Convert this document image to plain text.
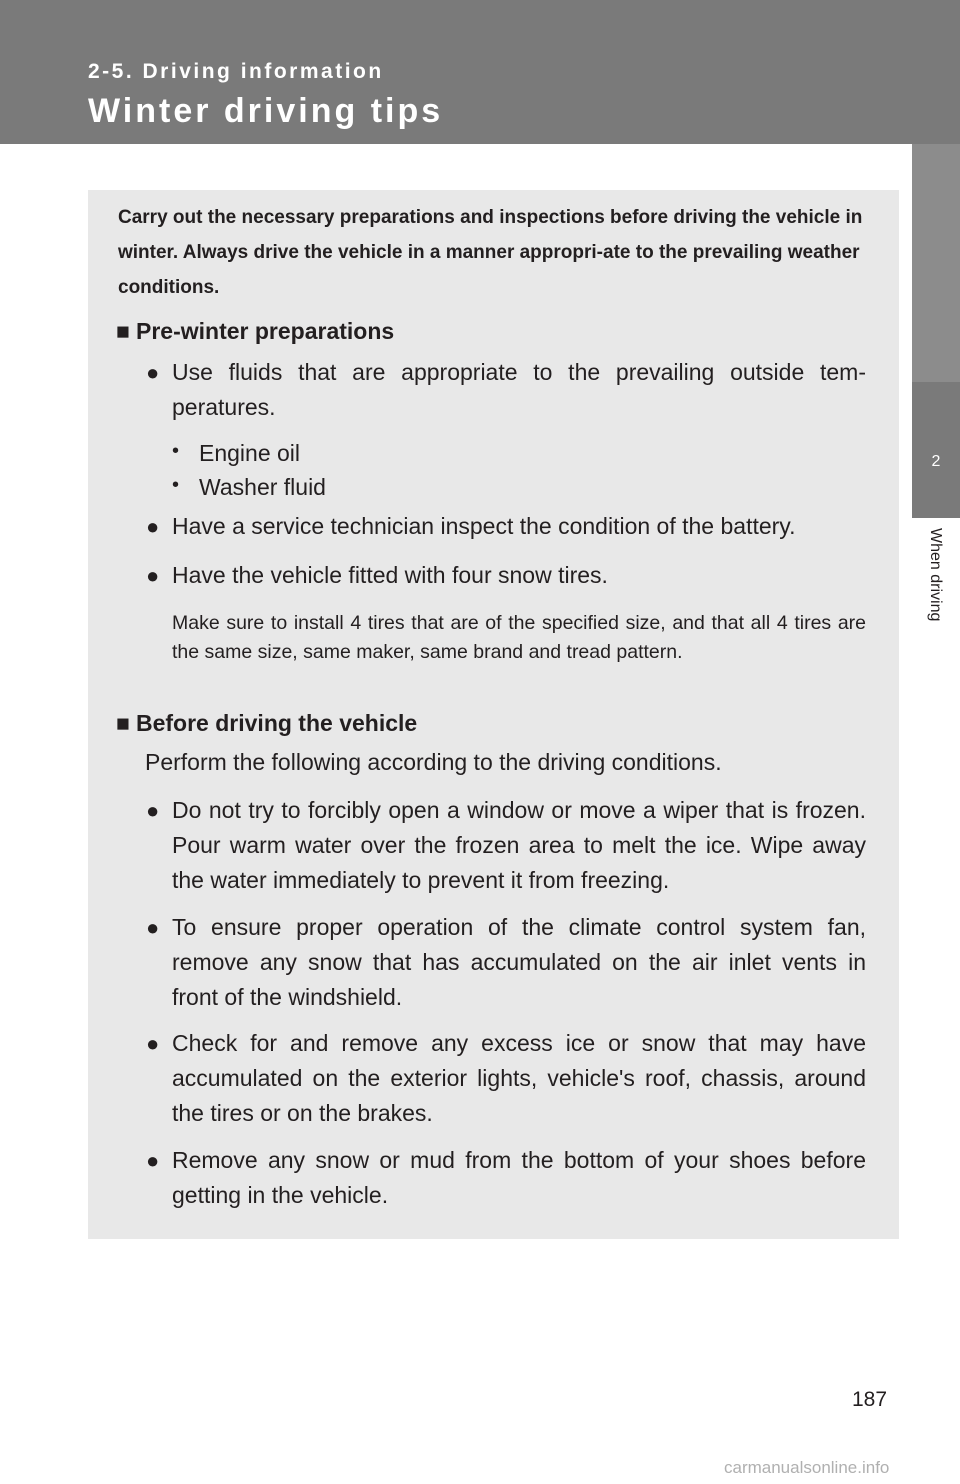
2-5. Driving information
Winter driving tips
2
When driving

Carry out the necessary preparations and inspections before driving the vehicle in winter. Always drive the vehicle in a manner appropri-ate to the prevailing weather conditions.

■ Pre-winter preparations

● Use fluids that are appropriate to the prevailing outside tem-peratures.

• Engine oil

• Washer fluid

● Have a service technician inspect the condition of the battery.

● Have the vehicle fitted with four snow tires.

Make sure to install 4 tires that are of the specified size, and that all 4 tires are the same size, same maker, same brand and tread pattern.

■ Before driving the vehicle

Perform the following according to the driving conditions.

● Do not try to forcibly open a window or move a wiper that is frozen. Pour warm water over the frozen area to melt the ice. Wipe away the water immediately to prevent it from freezing.

● To ensure proper operation of the climate control system fan, remove any snow that has accumulated on the air inlet vents in front of the windshield.

● Check for and remove any excess ice or snow that may have accumulated on the exterior lights, vehicle's roof, chassis, around the tires or on the brakes.

● Remove any snow or mud from the bottom of your shoes before getting in the vehicle.

187
carmanualsonline.info
